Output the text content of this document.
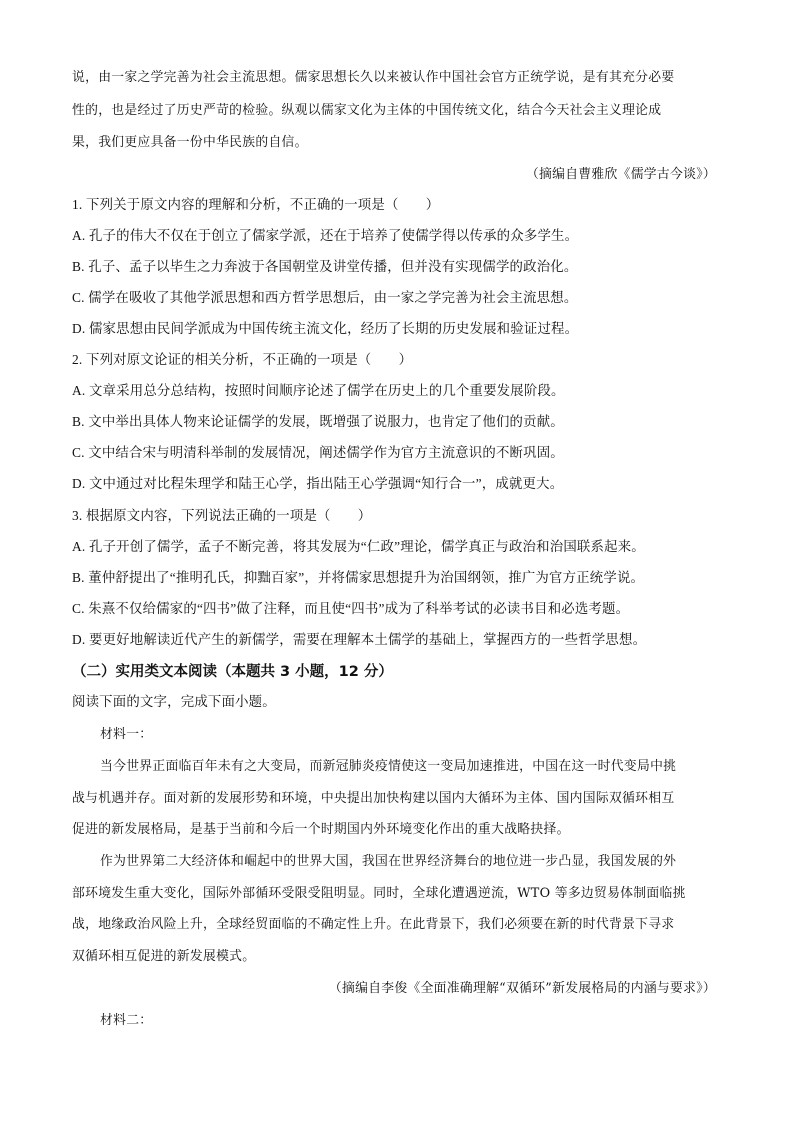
说，由一家之学完善为社会主流思想。儒家思想长久以来被认作中国社会官方正统学说，是有其充分必要
性的，也是经过了历史严苛的检验。纵观以儒家文化为主体的中国传统文化，结合今天社会主义理论成
果，我们更应具备一份中华民族的自信。
（摘编自曹雅欣《儒学古今谈》）
1. 下列关于原文内容的理解和分析，不正确的一项是（　　）
A. 孔子的伟大不仅在于创立了儒家学派，还在于培养了使儒学得以传承的众多学生。
B. 孔子、孟子以毕生之力奔波于各国朝堂及讲堂传播，但并没有实现儒学的政治化。
C. 儒学在吸收了其他学派思想和西方哲学思想后，由一家之学完善为社会主流思想。
D. 儒家思想由民间学派成为中国传统主流文化，经历了长期的历史发展和验证过程。
2. 下列对原文论证的相关分析，不正确的一项是（　　）
A. 文章采用总分总结构，按照时间顺序论述了儒学在历史上的几个重要发展阶段。
B. 文中举出具体人物来论证儒学的发展，既增强了说服力，也肯定了他们的贡献。
C. 文中结合宋与明清科举制的发展情况，阐述儒学作为官方主流意识的不断巩固。
D. 文中通过对比程朱理学和陆王心学，指出陆王心学强调“知行合一”，成就更大。
3. 根据原文内容，下列说法正确的一项是（　　）
A. 孔子开创了儒学，孟子不断完善，将其发展为“仁政”理论，儒学真正与政治和治国联系起来。
B. 董仲舒提出了“推明孔氏，抑黜百家”，并将儒家思想提升为治国纲领，推广为官方正统学说。
C. 朱熹不仅给儒家的“四书”做了注释，而且使“四书”成为了科举考试的必读书目和必选考题。
D. 要更好地解读近代产生的新儒学，需要在理解本土儒学的基础上，掌握西方的一些哲学思想。
（二）实用类文本阅读（本题共 3 小题，12 分）
阅读下面的文字，完成下面小题。
材料一：
当今世界正面临百年未有之大变局，而新冠肺炎疫情使这一变局加速推进，中国在这一时代变局中挑
战与机遇并存。面对新的发展形势和环境，中央提出加快构建以国内大循环为主体、国内国际双循环相互
促进的新发展格局，是基于当前和今后一个时期国内外环境变化作出的重大战略抉择。
作为世界第二大经济体和崛起中的世界大国，我国在世界经济舞台的地位进一步凸显，我国发展的外
部环境发生重大变化，国际外部循环受限受阻明显。同时，全球化遭遇逆流，WTO 等多边贸易体制面临挑
战，地缘政治风险上升，全球经贸面临的不确定性上升。在此背景下，我们必须要在新的时代背景下寻求
双循环相互促进的新发展模式。
（摘编自李俊《全面准确理解“双循环”新发展格局的内涵与要求》）
材料二：
